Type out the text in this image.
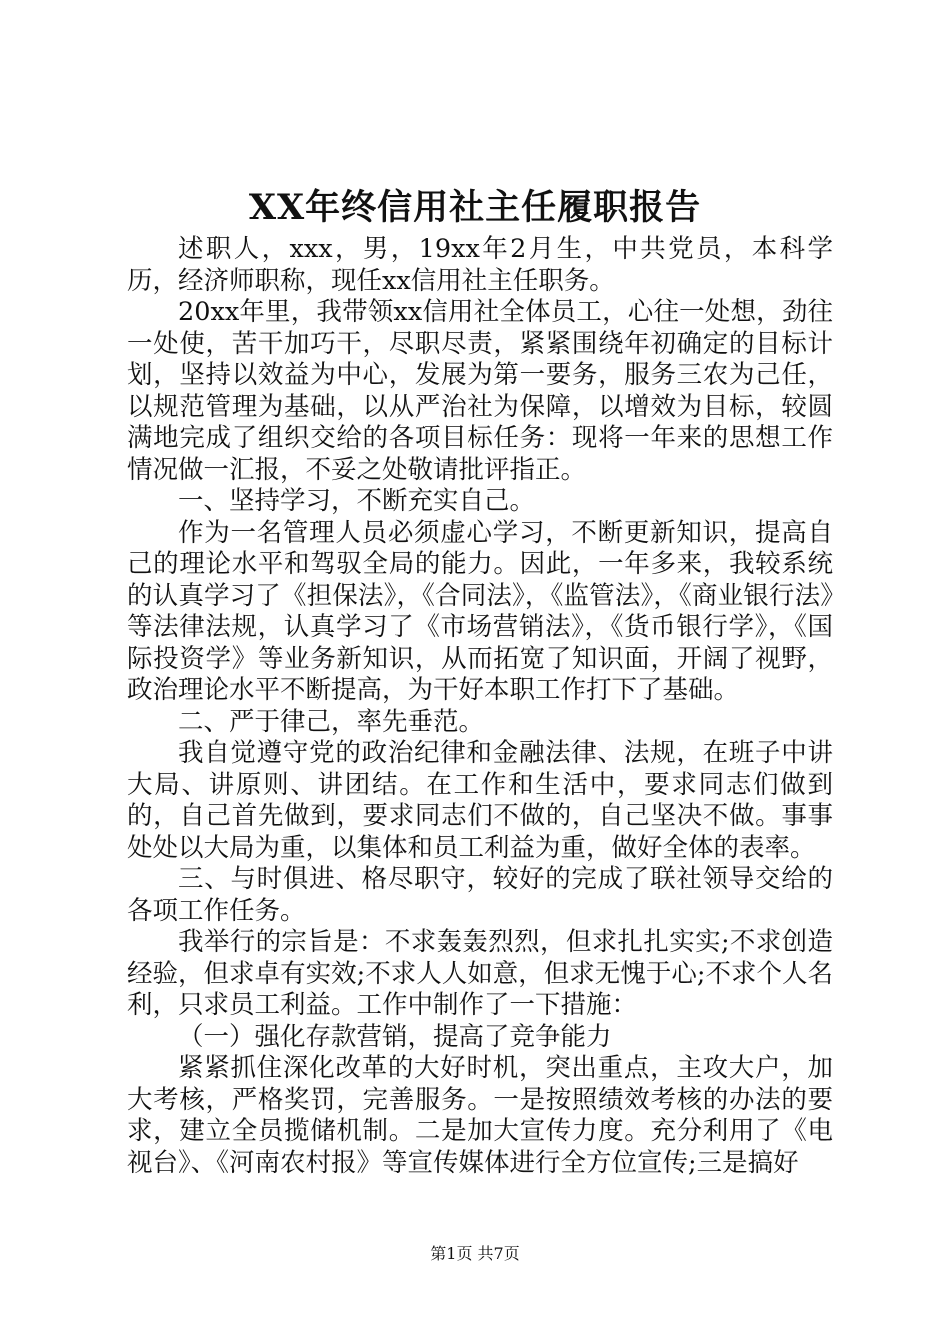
XX年终信用社主任履职报告

述职人，xxx，男，19xx年2月生，中共党员，本科学历，经济师职称，现任xx信用社主任职务。

20xx年里，我带领xx信用社全体员工，心往一处想，劲往一处使，苦干加巧干，尽职尽责，紧紧围绕年初确定的目标计划，坚持以效益为中心，发展为第一要务，服务三农为己任，以规范管理为基础，以从严治社为保障，以增效为目标，较圆满地完成了组织交给的各项目标任务：现将一年来的思想工作情况做一汇报，不妥之处敬请批评指正。

一、坚持学习，不断充实自己。

作为一名管理人员必须虚心学习，不断更新知识，提高自己的理论水平和驾驭全局的能力。因此，一年多来，我较系统的认真学习了《担保法》，《合同法》，《监管法》，《商业银行法》等法律法规，认真学习了《市场营销法》，《货币银行学》，《国际投资学》等业务新知识，从而拓宽了知识面，开阔了视野，政治理论水平不断提高，为干好本职工作打下了基础。

二、严于律己，率先垂范。

我自觉遵守党的政治纪律和金融法律、法规，在班子中讲大局、讲原则、讲团结。在工作和生活中，要求同志们做到的，自己首先做到，要求同志们不做的，自己坚决不做。事事处处以大局为重，以集体和员工利益为重，做好全体的表率。

三、与时俱进、格尽职守，较好的完成了联社领导交给的各项工作任务。

我举行的宗旨是：不求轰轰烈烈，但求扎扎实实;不求创造经验，但求卓有实效;不求人人如意，但求无愧于心;不求个人名利，只求员工利益。工作中制作了一下措施：

（一）强化存款营销，提高了竞争能力

紧紧抓住深化改革的大好时机，突出重点，主攻大户，加大考核，严格奖罚，完善服务。一是按照绩效考核的办法的要求，建立全员揽储机制。二是加大宣传力度。充分利用了《电视台》、《河南农村报》等宣传媒体进行全方位宣传;三是搞好

第1页 共7页
